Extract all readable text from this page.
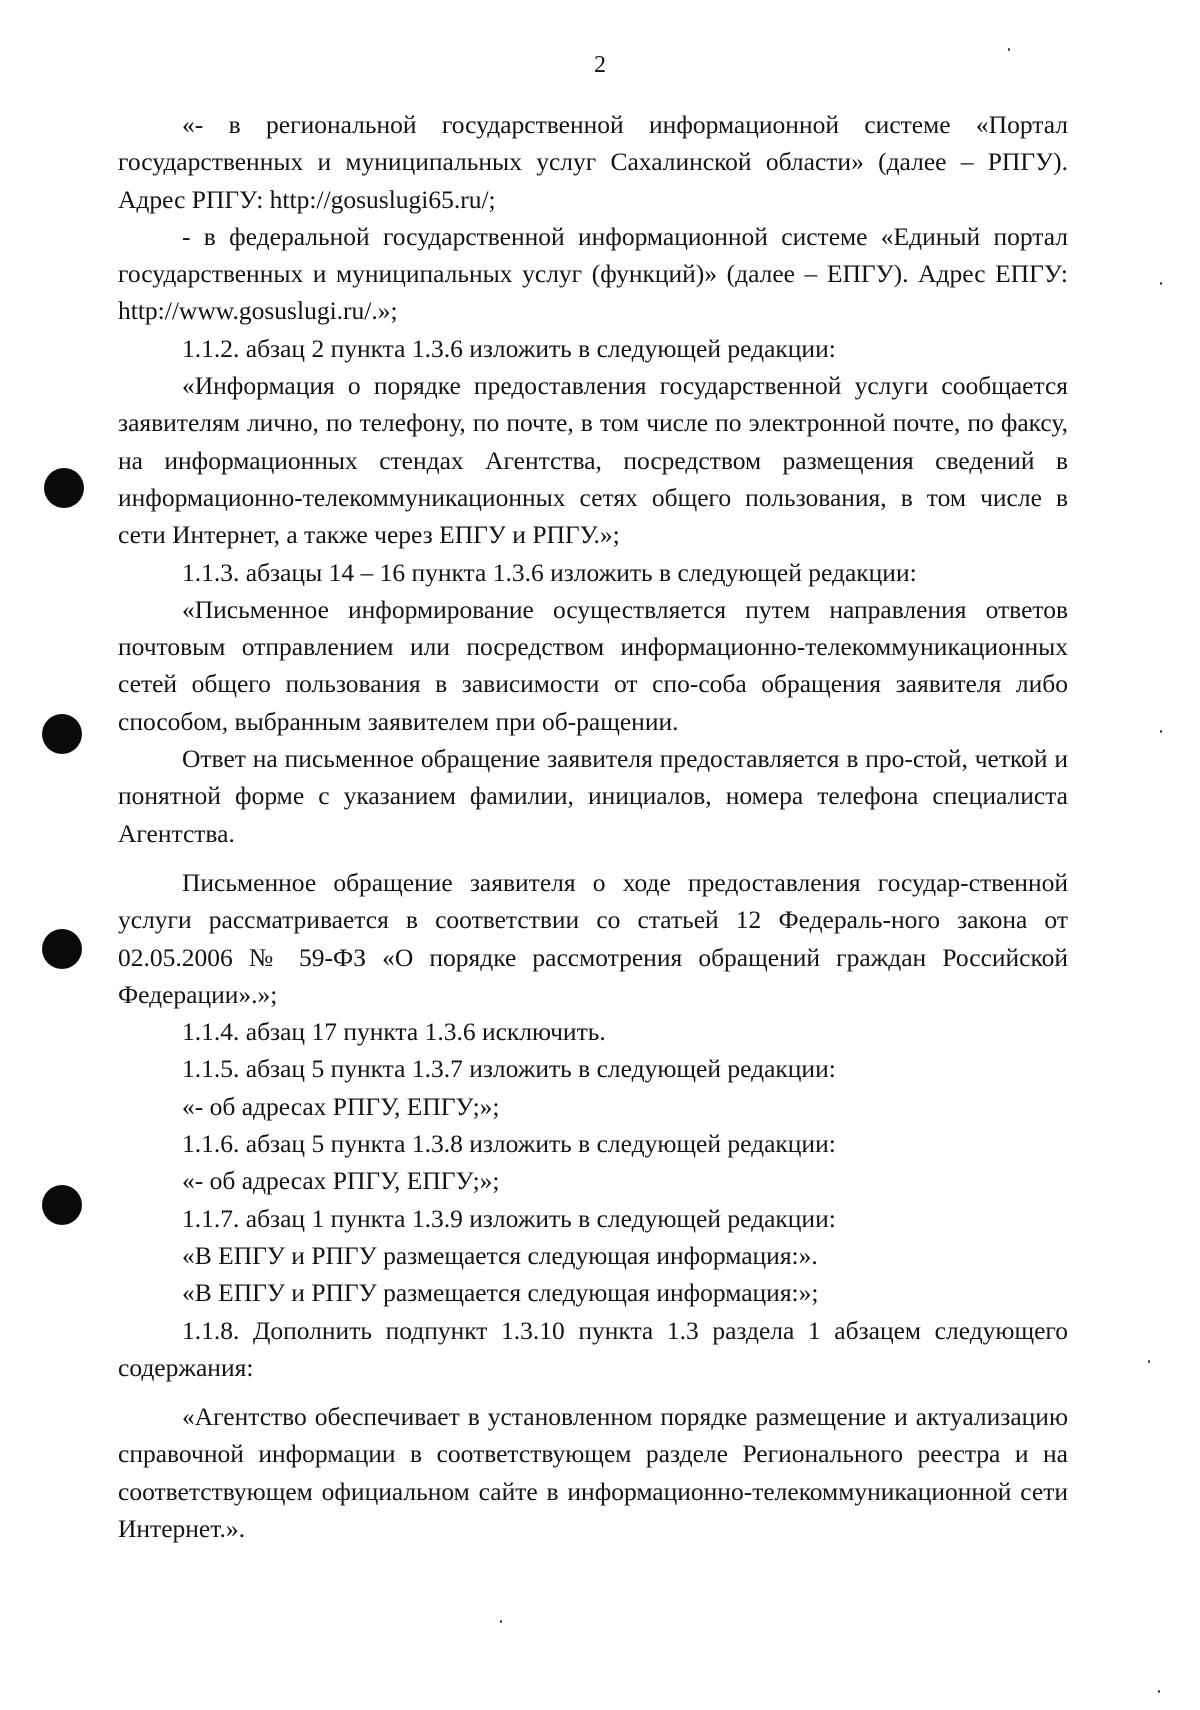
2

«- в региональной государственной информационной системе «Портал государственных и муниципальных услуг Сахалинской области» (далее – РПГУ). Адрес РПГУ: http://gosuslugi65.ru/;

- в федеральной государственной информационной системе «Единый портал государственных и муниципальных услуг (функций)» (далее – ЕПГУ). Адрес ЕПГУ: http://www.gosuslugi.ru/.»;

1.1.2. абзац 2 пункта 1.3.6 изложить в следующей редакции:

«Информация о порядке предоставления государственной услуги сообщается заявителям лично, по телефону, по почте, в том числе по электронной почте, по факсу, на информационных стендах Агентства, посредством размещения сведений в информационно-телекоммуникационных сетях общего пользования, в том числе в сети Интернет, а также через ЕПГУ и РПГУ.»;

1.1.3. абзацы 14 – 16 пункта 1.3.6 изложить в следующей редакции:

«Письменное информирование осуществляется путем направления ответов почтовым отправлением или посредством информационно-телекоммуникационных сетей общего пользования в зависимости от спо-соба обращения заявителя либо способом, выбранным заявителем при об-ращении.

Ответ на письменное обращение заявителя предоставляется в про-стой, четкой и понятной форме с указанием фамилии, инициалов, номера телефона специалиста Агентства.

Письменное обращение заявителя о ходе предоставления государ-ственной услуги рассматривается в соответствии со статьей 12 Федераль-ного закона от 02.05.2006 № 59-ФЗ «О порядке рассмотрения обращений граждан Российской Федерации».»;

1.1.4. абзац 17 пункта 1.3.6 исключить.

1.1.5. абзац 5 пункта 1.3.7 изложить в следующей редакции:

«- об адресах РПГУ, ЕПГУ;»;

1.1.6. абзац 5 пункта 1.3.8 изложить в следующей редакции:

«- об адресах РПГУ, ЕПГУ;»;

1.1.7. абзац 1 пункта 1.3.9 изложить в следующей редакции:

«В ЕПГУ и РПГУ размещается следующая информация:».

«В ЕПГУ и РПГУ размещается следующая информация:»;

1.1.8. Дополнить подпункт 1.3.10 пункта 1.3 раздела 1 абзацем следующего содержания:

«Агентство обеспечивает в установленном порядке размещение и актуализацию справочной информации в соответствующем разделе Регионального реестра и на соответствующем официальном сайте в информационно-телекоммуникационной сети Интернет.».
